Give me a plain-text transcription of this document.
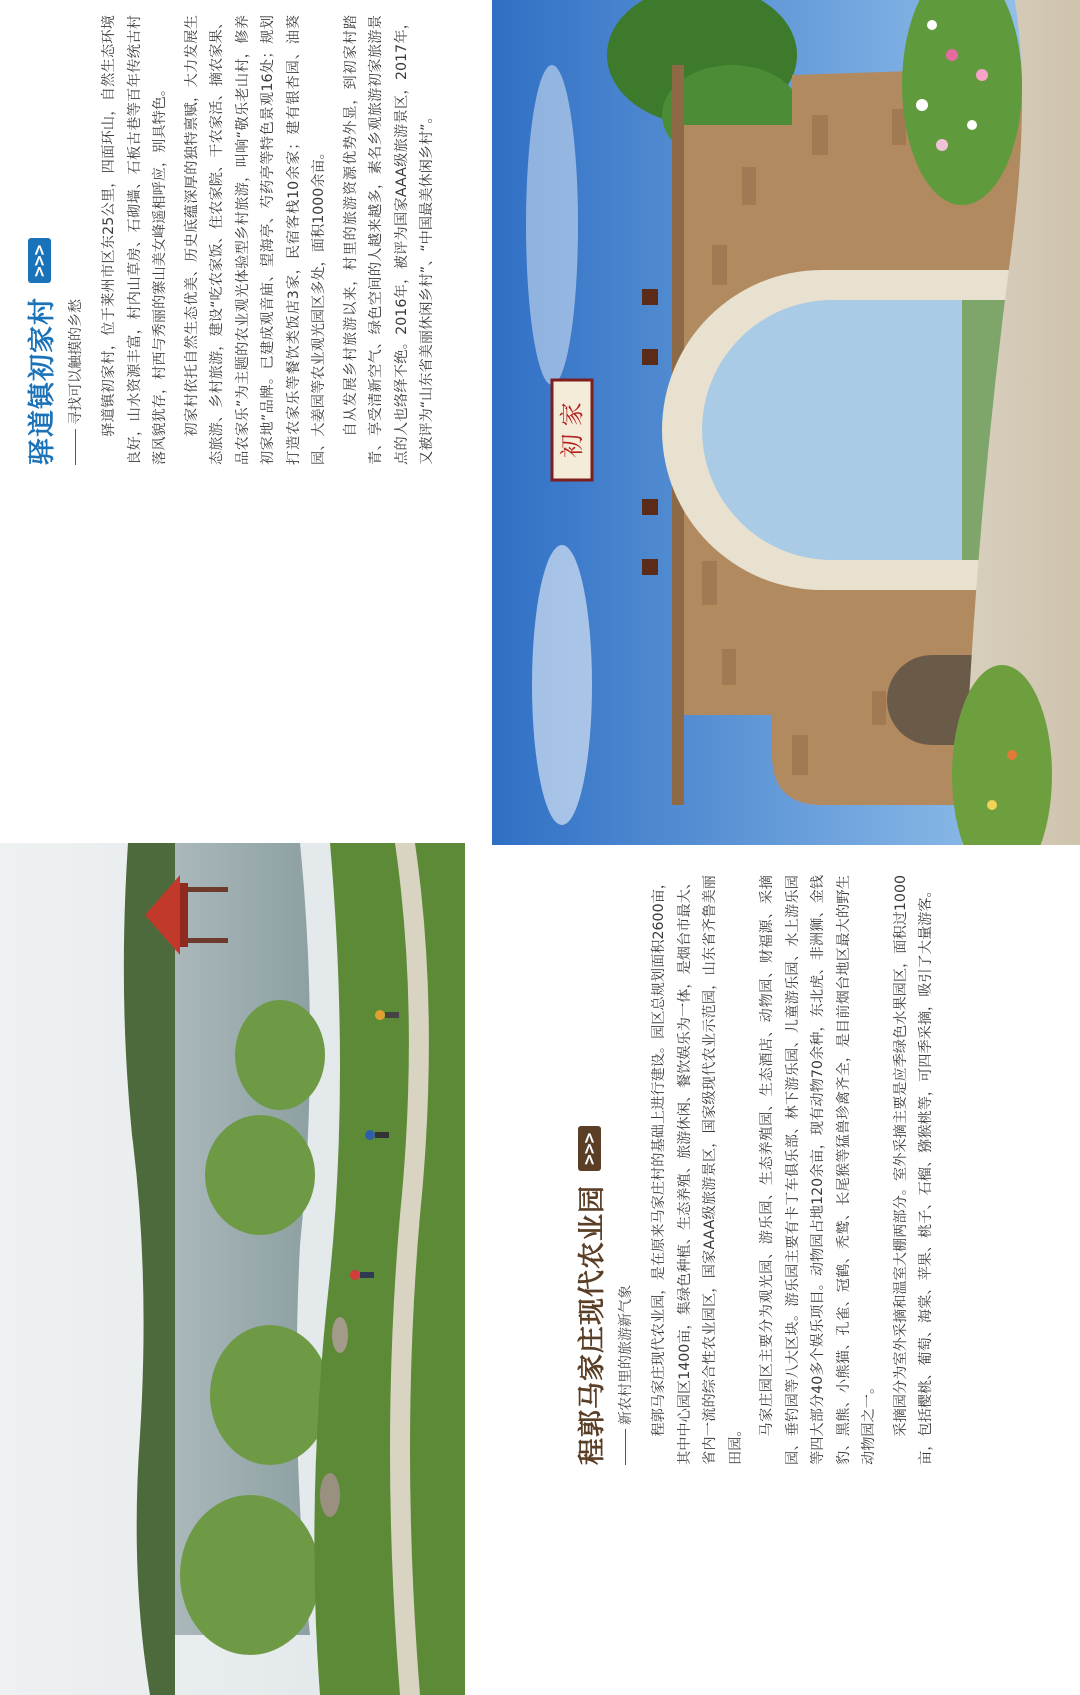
初 家
驿道镇初家村
>>>
寻找可以触摸的乡愁 驿道镇初家村，位于莱州市区东25公里，四面环山，自然生态环境良好，山水资源丰富，村内山草房、石砌墙、石板古巷等百年传统古村落风貌犹存，村西与秀丽的寨山美女峰遥相呼应，别具特色。	初家村依托自然生态优美、历史底蕴深厚的独特禀赋，大力发展生态旅游、乡村旅游，建设“吃农家饭、住农家院、干农家活、摘农家果、品农家乐”为主题的农业观光体验型乡村旅游，叫响“敬乐老山村，修养初家地”品牌。已建成观音庙、望海亭、芍药亭等特色景观16处；规划打造农家乐等餐饮类饭店3家，民宿客栈10余家；建有银杏园、油葵园、大姜园等农业观光园区多处，面积1000余亩。	自从发展乡村旅游以来，村里的旅游资源优势外显，到初家村踏青、享受清新空气、绿色空间的人越来越多，素名乡观旅游初家旅游景点的人也络绎不绝。2016年，被评为国家AAA级旅游景区，2017年，又被评为“山东省美丽休闲乡村”、“中国最美休闲乡村”。

程郭马家庄现代农业园
>>>
新农村里的旅游新气象 程郭马家庄现代农业园，是在原来马家庄村的基础上进行建设。园区总规划面积2600亩，其中中心园区1400亩，集绿色种植、生态养殖、旅游休闲、餐饮娱乐为一体，是烟台市最大、省内一流的综合性农业园区，国家AAA级旅游景区，国家级现代农业示范园，山东省齐鲁美丽田园。

马家庄园区主要分为观光园、游乐园、生态养殖园、生态酒店、动物园、财福源、采摘园、垂钓园等八大区块。游乐园主要有卡丁车俱乐部、林下游乐园、儿童游乐园、水上游乐园等四大部分40多个娱乐项目。动物园占地120余亩，现有动物70余种，东北虎、非洲狮、金钱豹、黑熊、小熊猫、孔雀、冠鹤、秃鹫、长尾猴等猛兽珍禽齐全，是目前烟台地区最大的野生动物园之一。	采摘园分为室外采摘和温室大棚两部分。室外采摘主要是应季绿色水果园区，面积过1000亩，包括樱桃、葡萄、海棠、苹果、桃子、石榴、猕猴桃等，可四季采摘，吸引了大量游客。
